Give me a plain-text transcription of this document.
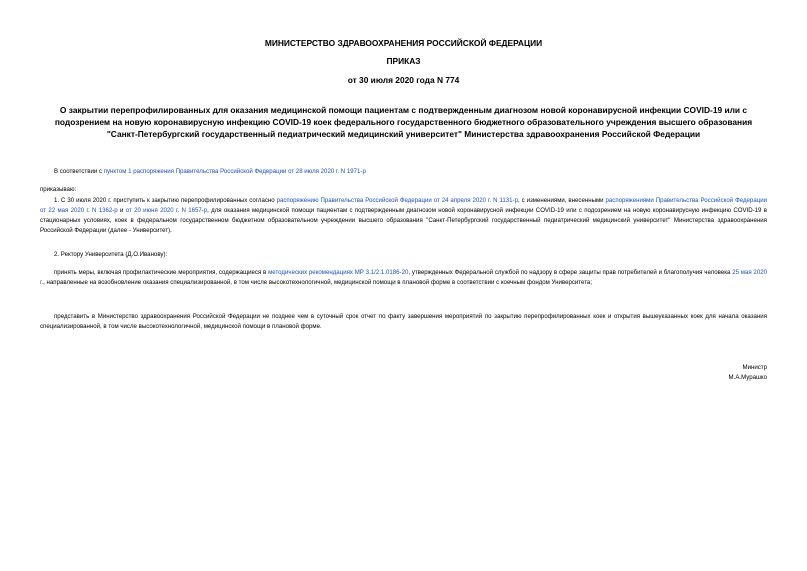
МИНИСТЕРСТВО ЗДРАВООХРАНЕНИЯ РОССИЙСКОЙ ФЕДЕРАЦИИ
ПРИКАЗ
от 30 июля 2020 года N 774
О закрытии перепрофилированных для оказания медицинской помощи пациентам с подтвержденным диагнозом новой коронавирусной инфекции COVID-19 или с подозрением на новую коронавирусную инфекцию COVID-19 коек федерального государственного бюджетного образовательного учреждения высшего образования "Санкт-Петербургский государственный педиатрический медицинский университет" Министерства здравоохранения Российской Федерации
В соответствии с пунктом 1 распоряжения Правительства Российской Федерации от 28 июля 2020 г. N 1971-р
приказываю:
1. С 30 июля 2020 г. приступить к закрытию перепрофилированных согласно распоряжению Правительства Российской Федерации от 24 апреля 2020 г. N 1131-р, с изменениями, внесенными распоряжениями Правительства Российской Федерации от 22 мая 2020 г. N 1362-р и от 20 июня 2020 г. N 1657-р, для оказания медицинской помощи пациентам с подтвержденным диагнозом новой коронавирусной инфекции COVID-19 или с подозрением на новую коронавирусную инфекцию COVID-19 в стационарных условиях, коек в федеральном государственном бюджетном образовательном учреждении высшего образования "Санкт-Петербургский государственный педиатрический медицинский университет" Министерства здравоохранения Российской Федерации (далее - Университет).
2. Ректору Университета (Д.О.Иванову):
принять меры, включая профилактические мероприятия, содержащиеся в методических рекомендациях МР 3.1/2.1.0186-20, утвержденных Федеральной службой по надзору в сфере защиты прав потребителей и благополучия человека 25 мая 2020 г., направленные на возобновление оказания специализированной, в том числе высокотехнологичной, медицинской помощи в плановой форме в соответствии с коечным фондом Университета;
представить в Министерство здравоохранения Российской Федерации не позднее чем в суточный срок отчет по факту завершения мероприятий по закрытию перепрофилированных коек и открытия вышеуказанных коек для начала оказания специализированной, в том числе высокотехнологичной, медицинской помощи в плановой форме.
Министр
М.А.Мурашко
